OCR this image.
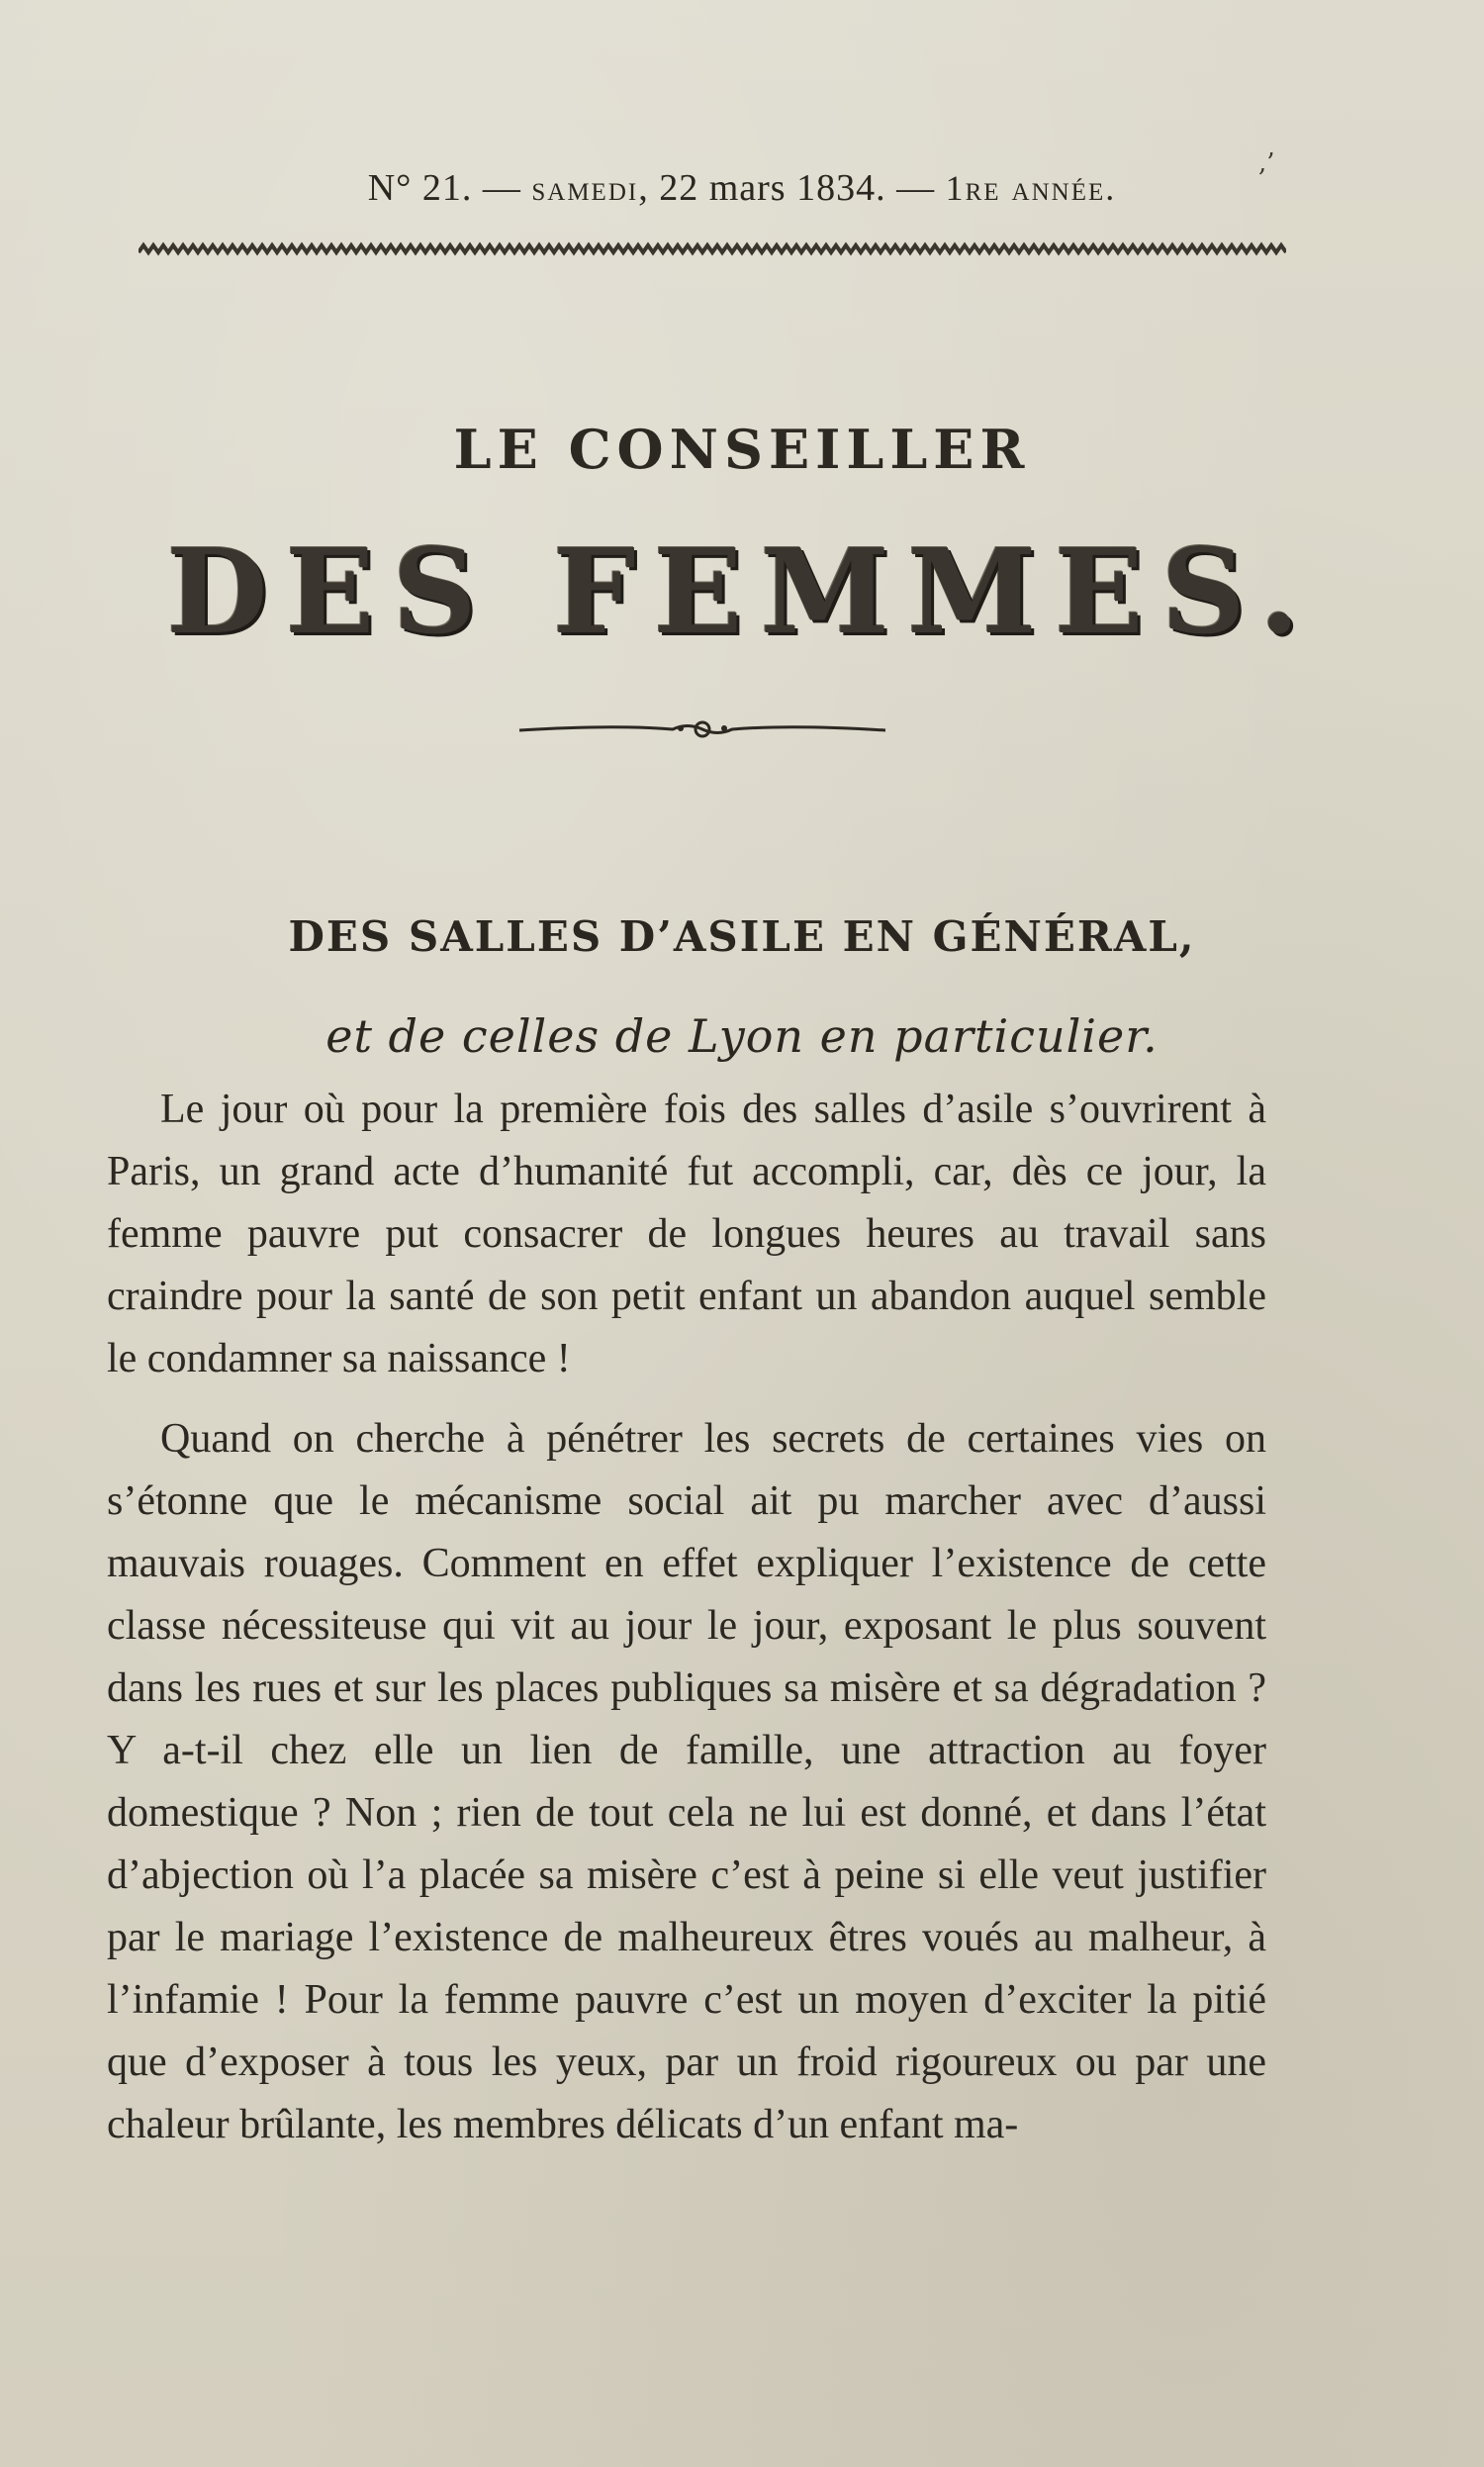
,’
N° 21. — samedi, 22 mars 1834. — 1re année.
LE CONSEILLER
DES FEMMES.
DES SALLES D’ASILE EN GÉNÉRAL,
et de celles de Lyon en particulier.

Le jour où pour la première fois des salles d’asile s’ouvrirent à Paris, un grand acte d’humanité fut accompli, car, dès ce jour, la femme pauvre put consacrer de longues heures au travail sans craindre pour la santé de son petit enfant un abandon auquel semble le condamner sa naissance !

Quand on cherche à pénétrer les secrets de certaines vies on s’étonne que le mécanisme social ait pu marcher avec d’aussi mauvais rouages. Comment en effet expliquer l’existence de cette classe nécessiteuse qui vit au jour le jour, exposant le plus souvent dans les rues et sur les places publiques sa misère et sa dégradation ? Y a-t-il chez elle un lien de famille, une attraction au foyer domestique ? Non ; rien de tout cela ne lui est donné, et dans l’état d’abjection où l’a placée sa misère c’est à peine si elle veut justifier par le mariage l’existence de malheureux êtres voués au malheur, à l’infamie ! Pour la femme pauvre c’est un moyen d’exciter la pitié que d’exposer à tous les yeux, par un froid rigoureux ou par une chaleur brûlante, les membres délicats d’un enfant ma-
